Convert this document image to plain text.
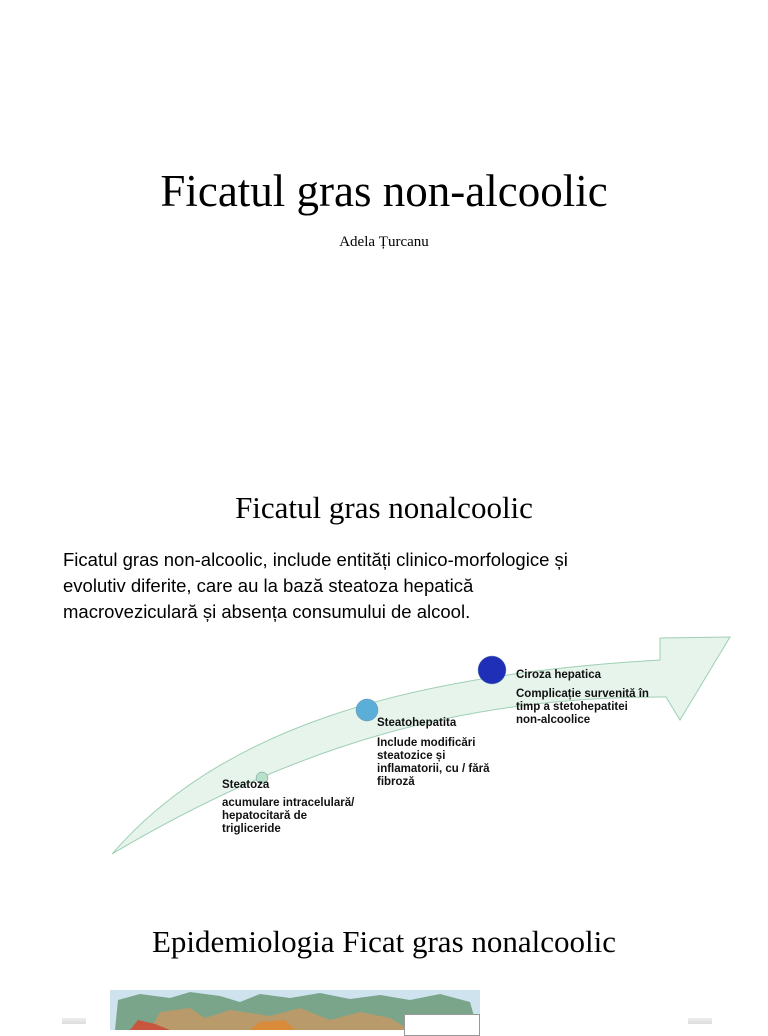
Ficatul gras non-alcoolic
Adela Țurcanu
Ficatul gras nonalcoolic
Ficatul gras non-alcoolic, include entități clinico-morfologice și
evolutiv diferite, care au la bază steatoza hepatică
macroveziculară și absența consumului de alcool.
Steatoza
acumulare intracelulară/
hepatocitară de
trigliceride
Steatohepatita
Include modificări
steatozice și
inflamatorii, cu / fără
fibroză
Ciroza hepatica
Complicație survenită în
timp a stetohepatitei
non-alcoolice
Epidemiologia Ficat gras nonalcoolic
